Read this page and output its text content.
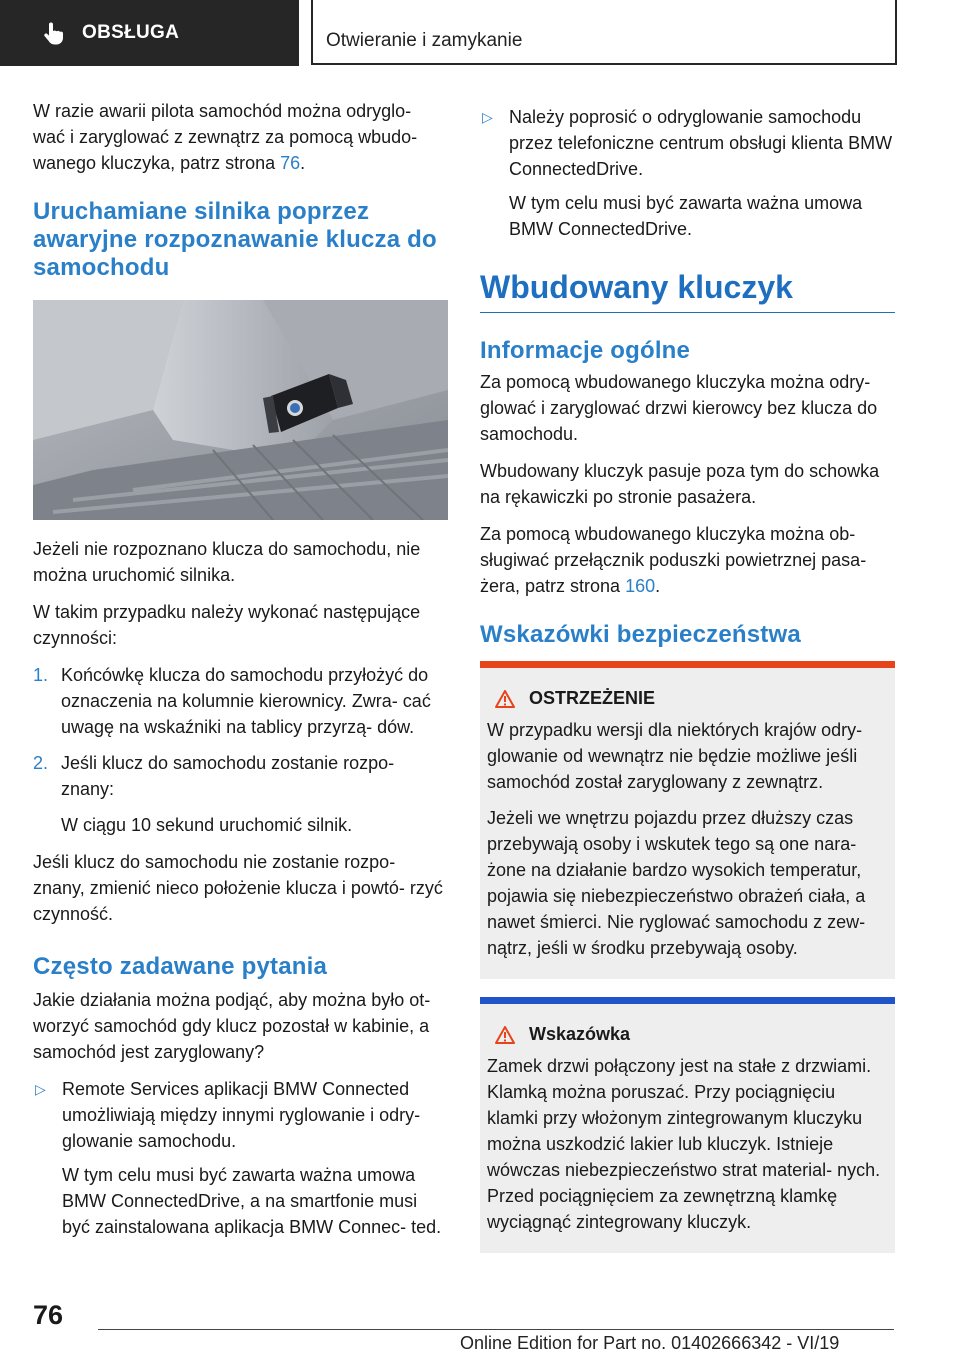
OBSŁUGA	Otwieranie i zamykanie

W razie awarii pilota samochód można odryglo- wać i zaryglować z zewnątrz za pomocą wbudo- wanego kluczyka, patrz strona 76.

Uruchamiane silnika poprzez awaryjne rozpoznawanie klucza do samochodu

Jeżeli nie rozpoznano klucza do samochodu, nie można uruchomić silnika.

W takim przypadku należy wykonać następujące czynności:

1. Końcówkę klucza do samochodu przyłożyć do oznaczenia na kolumnie kierownicy. Zwra- cać uwagę na wskaźniki na tablicy przyrzą- dów.
2. Jeśli klucz do samochodu zostanie rozpo- znany:

W ciągu 10 sekund uruchomić silnik.

Jeśli klucz do samochodu nie zostanie rozpo- znany, zmienić nieco położenie klucza i powtó- rzyć czynność.

Często zadawane pytania

Jakie działania można podjąć, aby można było ot- worzyć samochód gdy klucz pozostał w kabinie, a samochód jest zaryglowany?

▷ Remote Services aplikacji BMW Connected umożliwiają między innymi ryglowanie i odry- glowanie samochodu.

W tym celu musi być zawarta ważna umowa BMW ConnectedDrive, a na smartfonie musi być zainstalowana aplikacja BMW Connec- ted.

▷ Należy poprosić o odryglowanie samochodu przez telefoniczne centrum obsługi klienta BMW ConnectedDrive.

W tym celu musi być zawarta ważna umowa BMW ConnectedDrive.

Wbudowany kluczyk
Informacje ogólne

Za pomocą wbudowanego kluczyka można odry- glować i zaryglować drzwi kierowcy bez klucza do samochodu.

Wbudowany kluczyk pasuje poza tym do schowka na rękawiczki po stronie pasażera.

Za pomocą wbudowanego kluczyka można ob- sługiwać przełącznik poduszki powietrznej pasa- żera, patrz strona 160.

Wskazówki bezpieczeństwa
OSTRZEŻENIE

W przypadku wersji dla niektórych krajów odry- glowanie od wewnątrz nie będzie możliwe jeśli samochód został zaryglowany z zewnątrz.

Jeżeli we wnętrzu pojazdu przez dłuższy czas przebywają osoby i wskutek tego są one nara- żone na działanie bardzo wysokich temperatur, pojawia się niebezpieczeństwo obrażeń ciała, a nawet śmierci. Nie ryglować samochodu z zew- nątrz, jeśli w środku przebywają osoby.

Wskazówka

Zamek drzwi połączony jest na stałe z drzwiami. Klamką można poruszać. Przy pociągnięciu klamki przy włożonym zintegrowanym kluczyku można uszkodzić lakier lub kluczyk. Istnieje wówczas niebezpieczeństwo strat material- nych. Przed pociągnięciem za zewnętrzną klamkę wyciągnąć zintegrowany kluczyk.

76
Online Edition for Part no. 01402666342 - VI/19
